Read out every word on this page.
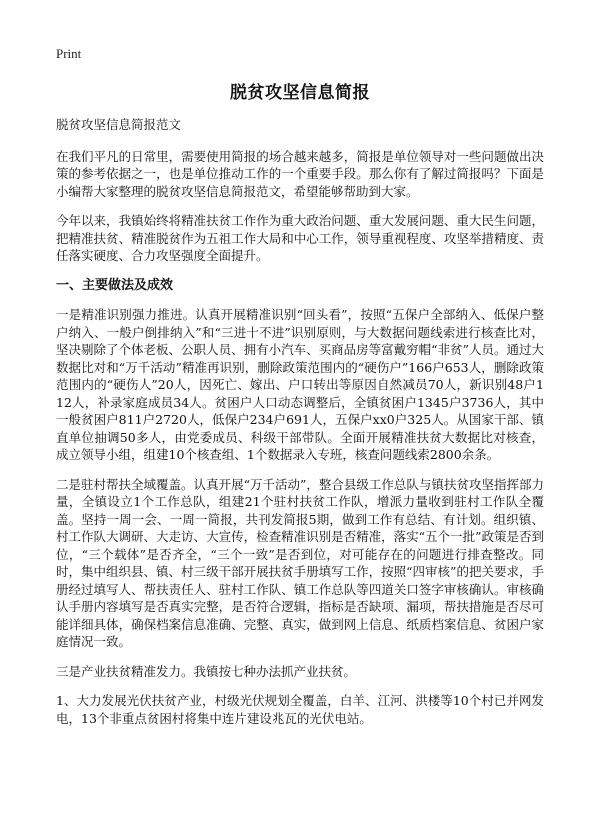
Print
脱贫攻坚信息简报

脱贫攻坚信息简报范文

在我们平凡的日常里，需要使用简报的场合越来越多，简报是单位领导对一些问题做出决策的参考依据之一，也是单位推动工作的一个重要手段。那么你有了解过简报吗？下面是小编帮大家整理的脱贫攻坚信息简报范文，希望能够帮助到大家。

今年以来，我镇始终将精准扶贫工作作为重大政治问题、重大发展问题、重大民生问题，把精准扶贫、精准脱贫作为五祖工作大局和中心工作，领导重视程度、攻坚举措精度、责任落实硬度、合力攻坚强度全面提升。

一、主要做法及成效

一是精准识别强力推进。认真开展精准识别“回头看”，按照“五保户全部纳入、低保户整户纳入、一般户倒排纳入”和“三进十不进”识别原则，与大数据问题线索进行核查比对，坚决剔除了个体老板、公职人员、拥有小汽车、买商品房等富戴穷帽“非贫”人员。通过大数据比对和“万千活动”精准再识别，删除政策范围内的“硬伤户”166户653人，删除政策范围内的“硬伤人”20人，因死亡、嫁出、户口转出等原因自然减员70人，新识别48户112人，补录家庭成员34人。贫困户人口动态调整后，全镇贫困户1345户3736人，其中一般贫困户811户2720人，低保户234户691人，五保户xx0户325人。从国家干部、镇直单位抽调50多人，由党委成员、科级干部带队。全面开展精准扶贫大数据比对核查，成立领导小组，组建10个核查组、1个数据录入专班，核查问题线索2800余条。

二是驻村帮扶全域覆盖。认真开展“万千活动”，整合县级工作总队与镇扶贫攻坚指挥部力量，全镇设立1个工作总队，组建21个驻村扶贫工作队，增派力量收到驻村工作队全覆盖。坚持一周一会、一周一简报，共刊发简报5期，做到工作有总结、有计划。组织镇、村工作队大调研、大走访、大宣传，检查精准识别是否精准，落实“五个一批”政策是否到位，“三个载体”是否齐全，“三个一致”是否到位，对可能存在的问题进行排查整改。同时，集中组织县、镇、村三级干部开展扶贫手册填写工作，按照“四审核”的把关要求，手册经过填写人、帮扶责任人、驻村工作队、镇工作总队等四道关口签字审核确认。审核确认手册内容填写是否真实完整，是否符合逻辑，指标是否缺项、漏项，帮扶措施是否尽可能详细具体，确保档案信息准确、完整、真实，做到网上信息、纸质档案信息、贫困户家庭情况一致。

三是产业扶贫精准发力。我镇按七种办法抓产业扶贫。

1、大力发展光伏扶贫产业，村级光伏规划全覆盖，白羊、江河、洪楼等10个村已并网发电，13个非重点贫困村将集中连片建设兆瓦的光伏电站。
